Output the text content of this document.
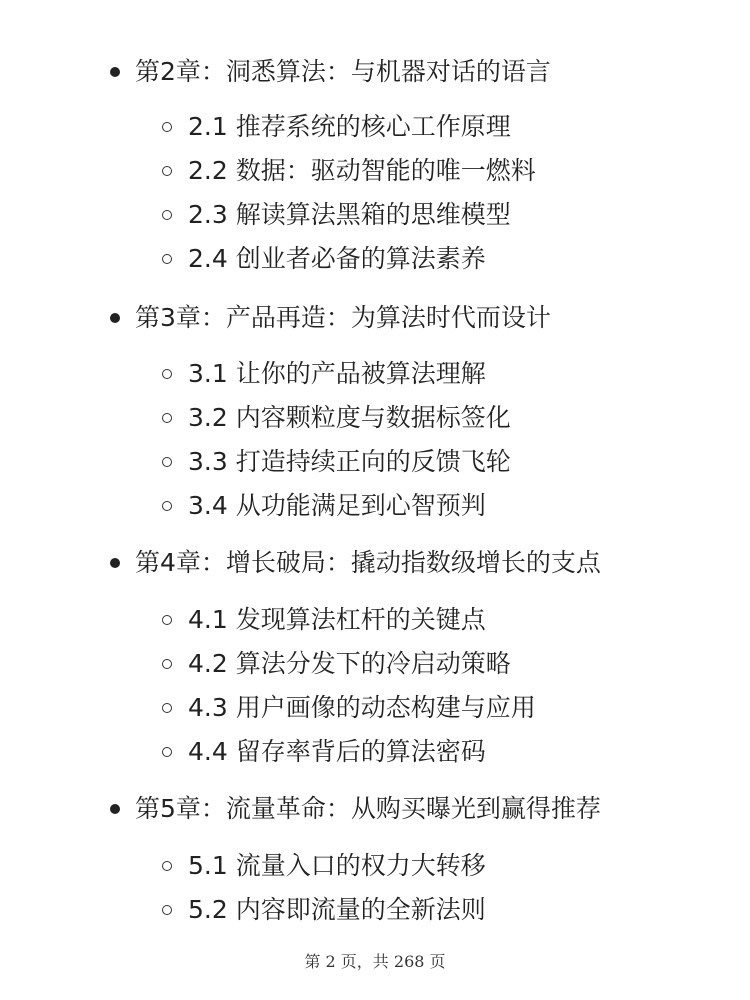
第2章：洞悉算法：与机器对话的语言
2.1 推荐系统的核心工作原理
2.2 数据：驱动智能的唯一燃料
2.3 解读算法黑箱的思维模型
2.4 创业者必备的算法素养
第3章：产品再造：为算法时代而设计
3.1 让你的产品被算法理解
3.2 内容颗粒度与数据标签化
3.3 打造持续正向的反馈飞轮
3.4 从功能满足到心智预判
第4章：增长破局：撬动指数级增长的支点
4.1 发现算法杠杆的关键点
4.2 算法分发下的冷启动策略
4.3 用户画像的动态构建与应用
4.4 留存率背后的算法密码
第5章：流量革命：从购买曝光到赢得推荐
5.1 流量入口的权力大转移
5.2 内容即流量的全新法则
第 2 页，共 268 页
